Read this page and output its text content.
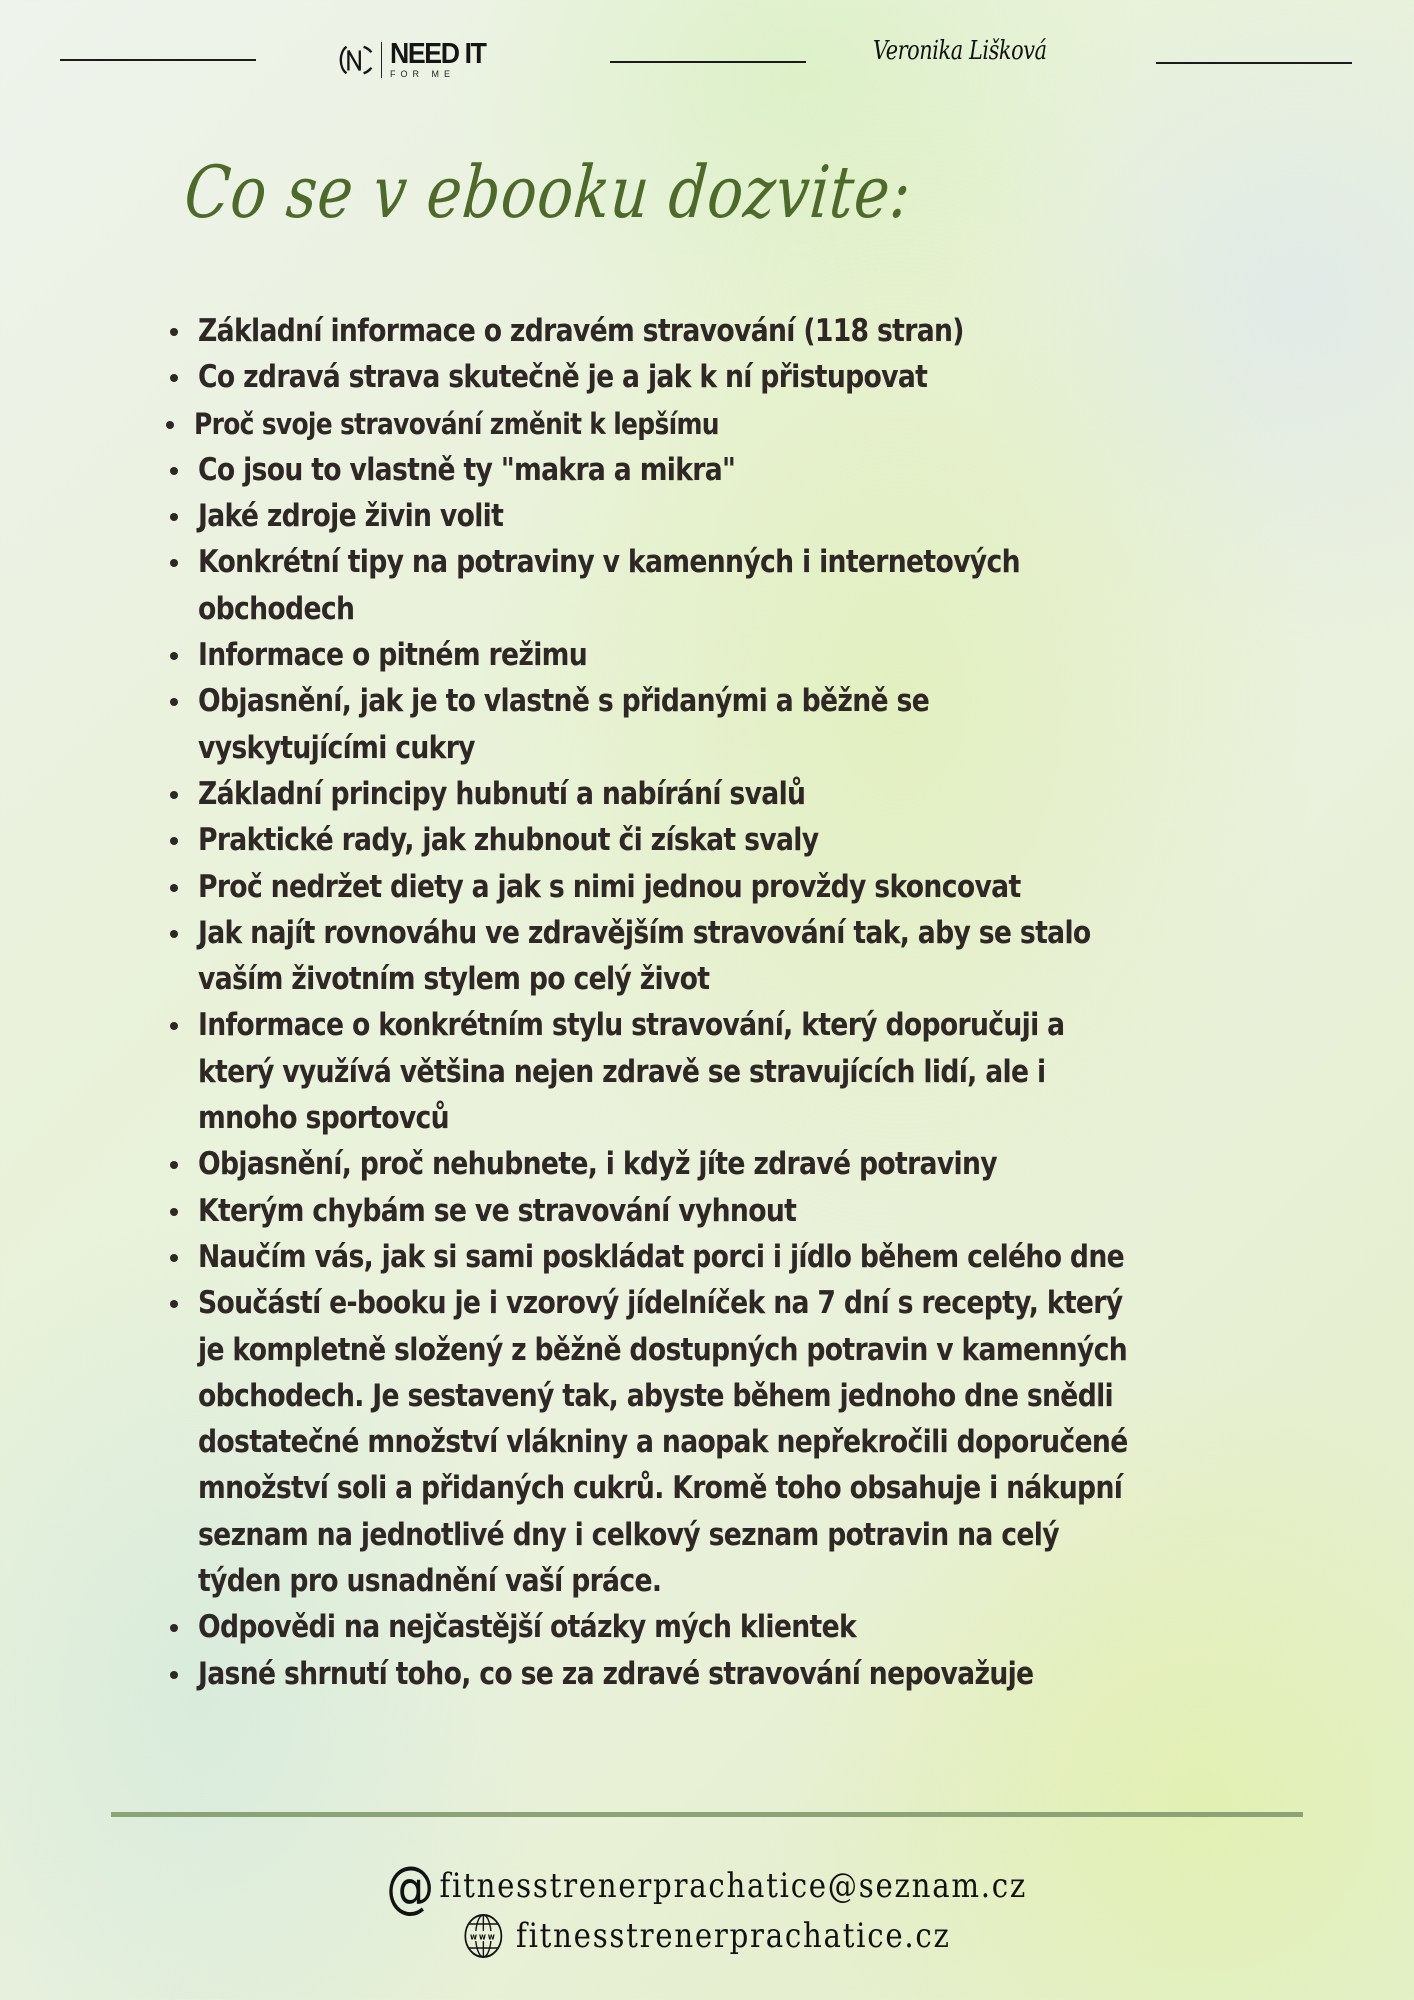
NEED IT
FOR ME
Veronika Lišková
Co se v ebooku dozvite:
Základní informace o zdravém stravování (118 stran)
Co zdravá strava skutečně je a jak k ní přistupovat
Proč svoje stravování změnit k lepšímu
Co jsou to vlastně ty "makra a mikra"
Jaké zdroje živin volit
Konkrétní tipy na potraviny v kamenných i internetových obchodech
Informace o pitném režimu
Objasnění, jak je to vlastně s přidanými a běžně se vyskytujícími cukry
Základní principy hubnutí a nabírání svalů
Praktické rady, jak zhubnout či získat svaly
Proč nedržet diety a jak s nimi jednou provždy skoncovat
Jak najít rovnováhu ve zdravějším stravování tak, aby se stalo vaším životním stylem po celý život
Informace o konkrétním stylu stravování, který doporučuji a který využívá většina nejen zdravě se stravujících lidí, ale i mnoho sportovců
Objasnění, proč nehubnete, i když jíte zdravé potraviny
Kterým chybám se ve stravování vyhnout
Naučím vás, jak si sami poskládat porci i jídlo během celého dne
Součástí e-booku je i vzorový jídelníček na 7 dní s recepty, který je kompletně složený z běžně dostupných potravin v kamenných obchodech. Je sestavený tak, abyste během jednoho dne snědli dostatečné množství vlákniny a naopak nepřekročili doporučené množství soli a přidaných cukrů. Kromě toho obsahuje i nákupní seznam na jednotlivé dny i celkový seznam potravin na celý týden pro usnadnění vaší práce.
Odpovědi na nejčastější otázky mých klientek
Jasné shrnutí toho, co se za zdravé stravování nepovažuje
@ fitnesstrenerprachatice@seznam.cz
www fitnesstrenerprachatice.cz
